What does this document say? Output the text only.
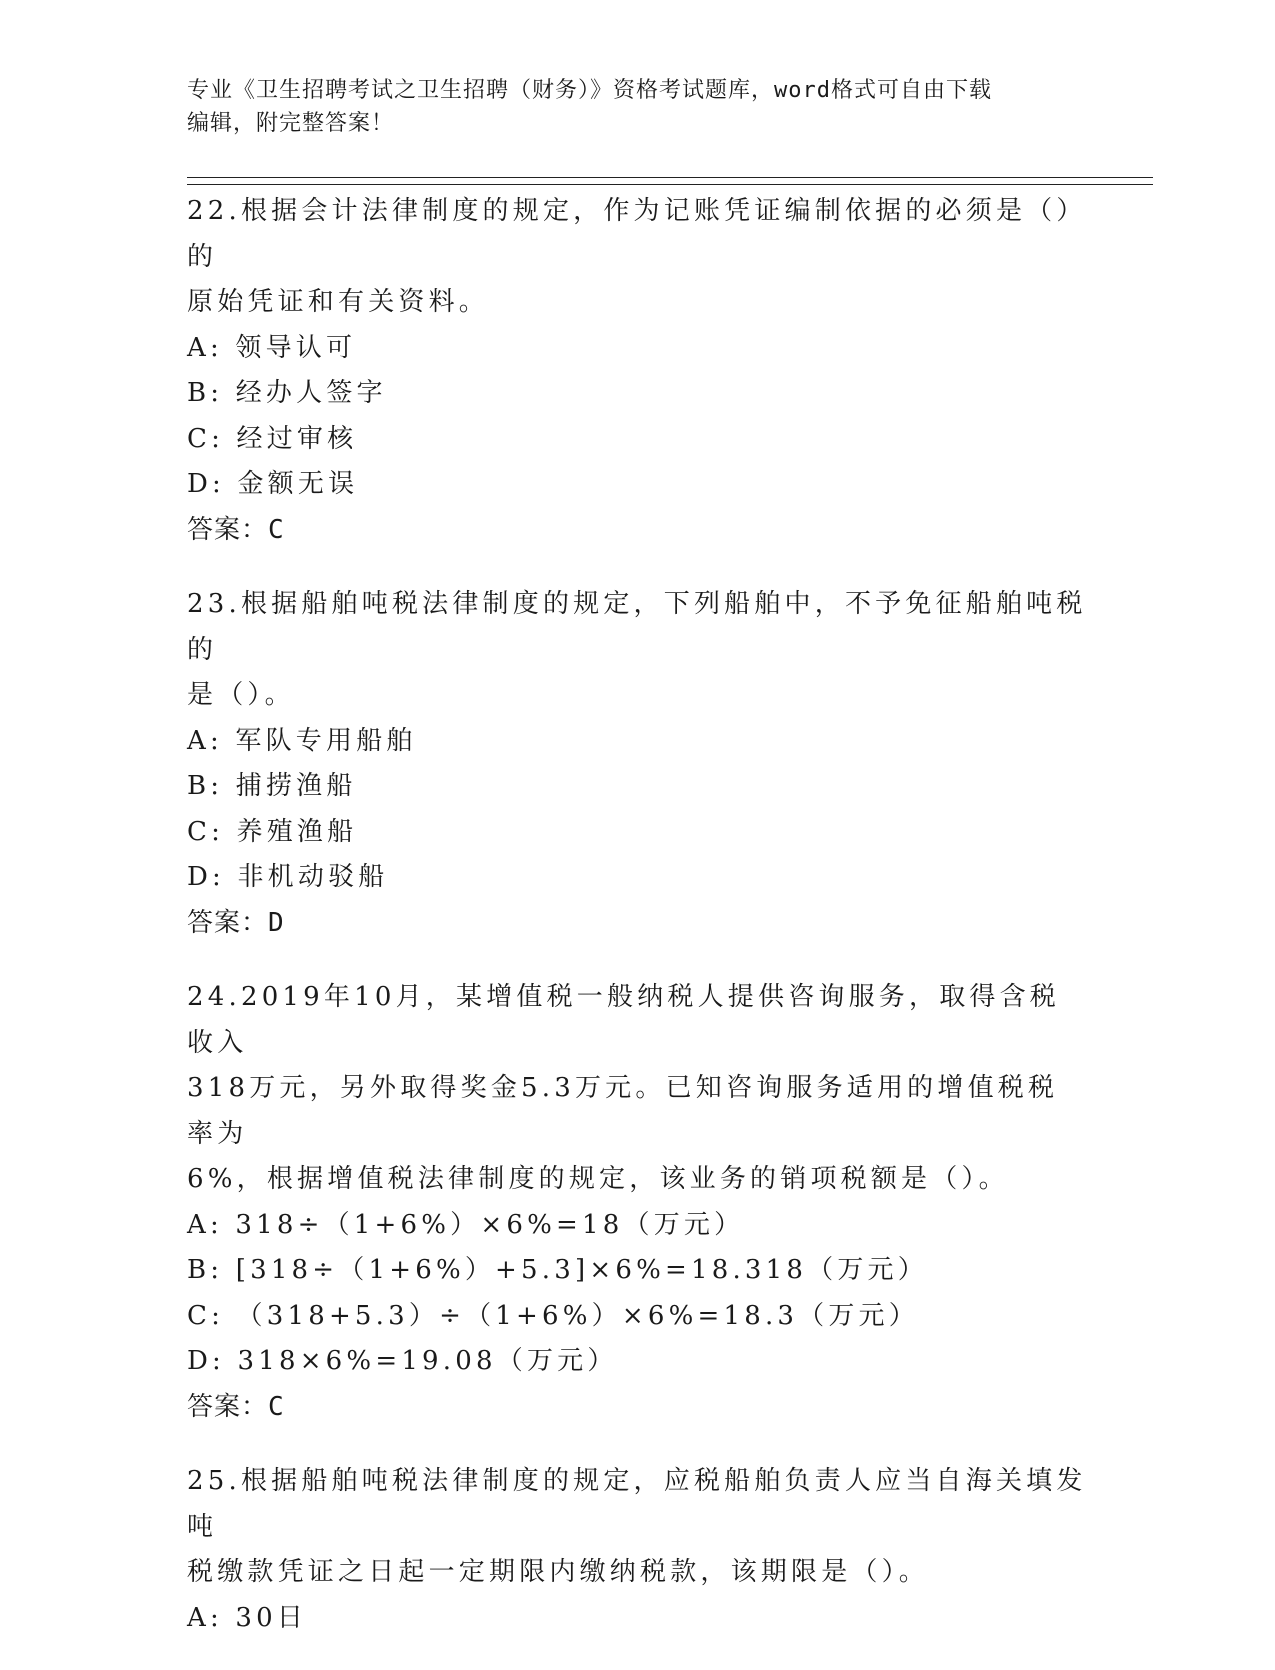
专业《卫生招聘考试之卫生招聘（财务）》资格考试题库，word格式可自由下载
编辑，附完整答案！

22.根据会计法律制度的规定，作为记账凭证编制依据的必须是（）的

原始凭证和有关资料。

A: 领导认可

B: 经办人签字

C: 经过审核

D: 金额无误

答案：C

23.根据船舶吨税法律制度的规定，下列船舶中，不予免征船舶吨税的

是（）。

A: 军队专用船舶

B: 捕捞渔船

C: 养殖渔船

D: 非机动驳船

答案：D

24.2019年10月，某增值税一般纳税人提供咨询服务，取得含税收入

318万元，另外取得奖金5.3万元。已知咨询服务适用的增值税税率为

6%，根据增值税法律制度的规定，该业务的销项税额是（）。

A: 318÷（1+6%）×6%=18（万元）

B: [318÷（1+6%）+5.3]×6%=18.318（万元）

C: （318+5.3）÷（1+6%）×6%=18.3（万元）

D: 318×6%=19.08（万元）

答案：C

25.根据船舶吨税法律制度的规定，应税船舶负责人应当自海关填发吨

税缴款凭证之日起一定期限内缴纳税款，该期限是（）。

A: 30日
